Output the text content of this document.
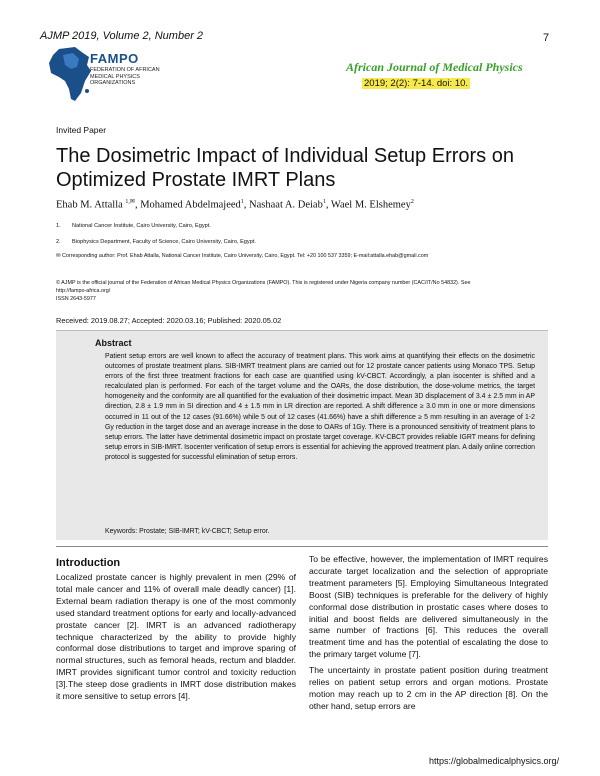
AJMP 2019, Volume 2, Number 2	7
FAMPO
FEDERATION OF AFRICAN MEDICAL PHYSICS ORGANIZATIONS
African Journal of Medical Physics
2019; 2(2): 7-14. doi: 10.
Invited Paper
The Dosimetric Impact of Individual Setup Errors on Optimized Prostate IMRT Plans
Ehab M. Attalla $^{1,✉}$, Mohamed Abdelmajeed$^1$, Nashaat A. Deiab$^1$, Wael M. Elshemey$^2$
1. National Cancer Institute, Cairo University, Cairo, Egypt.
2. Biophysics Department, Faculty of Science, Cairo University, Cairo, Egypt.
✉ Corresponding author: Prof. Ehab Attalla, National Cancer Institute, Cairo University, Cairo, Egypt. Tel: +20 100 537 3359; E-mail:attalla.ehab@gmail.com
© AJMP is the official journal of the Federation of African Medical Physics Organizations (FAMPO). This is registered under Nigeria company number (CAC/IT/No 54832). See http://fampo-africa.org/
ISSN 2643-5977
Received: 2019.08.27; Accepted: 2020.03.16; Published: 2020.05.02
Abstract
Patient setup errors are well known to affect the accuracy of treatment plans. This work aims at quantifying their effects on the dosimetric outcomes of prostate treatment plans. SIB-IMRT treatment plans are carried out for 12 prostate cancer patients using Monaco TPS. Setup errors of the first three treatment fractions for each case are quantified using kV-CBCT. Accordingly, a plan isocenter is shifted and a recalculated plan is performed. For each of the target volume and the OARs, the dose distribution, the dose-volume metrics, the target homogeneity and the conformity are all quantified for the evaluation of their dosimetric impact. Mean 3D displacement of 3.4 ± 2.5 mm in AP direction, 2.8 ± 1.9 mm in SI direction and 4 ± 1.5 mm in LR direction are reported. A shift difference ≥ 3.0 mm in one or more dimensions occurred in 11 out of the 12 cases (91.66%) while 5 out of 12 cases (41.66%) have a shift difference ≥ 5 mm resulting in an average of 1-2 Gy reduction in the target dose and an average increase in the dose to OARs of 1Gy. There is a pronounced sensitivity of treatment plans to setup errors. The latter have detrimental dosimetric impact on prostate target coverage. KV-CBCT provides reliable IGRT means for defining setup errors in SIB-IMRT. Isocenter verification of setup errors is essential for achieving the approved treatment plan. A daily online correction protocol is suggested for successful elimination of setup errors.
Keywords: Prostate; SIB-IMRT; kV-CBCT; Setup error.
Introduction
Localized prostate cancer is highly prevalent in men (29% of total male cancer and 11% of overall male deadly cancer) [1]. External beam radiation therapy is one of the most commonly used standard treatment options for early and locally-advanced prostate cancer [2]. IMRT is an advanced radiotherapy technique characterized by the ability to provide highly conformal dose distributions to target and improve sparing of normal structures, such as femoral heads, rectum and bladder. IMRT provides significant tumor control and toxicity reduction [3].The steep dose gradients in IMRT dose distribution makes it more sensitive to setup errors [4].

To be effective, however, the implementation of IMRT requires accurate target localization and the selection of appropriate treatment parameters [5]. Employing Simultaneous Integrated Boost (SIB) techniques is preferable for the delivery of highly conformal dose distribution in prostatic cases where doses to initial and boost fields are delivered simultaneously in the same number of fractions [6]. This reduces the overall treatment time and has the potential of escalating the dose to the primary target volume [7].

The uncertainty in prostate patient position during treatment relies on patient setup errors and organ motions. Prostate motion may reach up to 2 cm in the AP direction [8]. On the other hand, setup errors are

https://globalmedicalphysics.org/
